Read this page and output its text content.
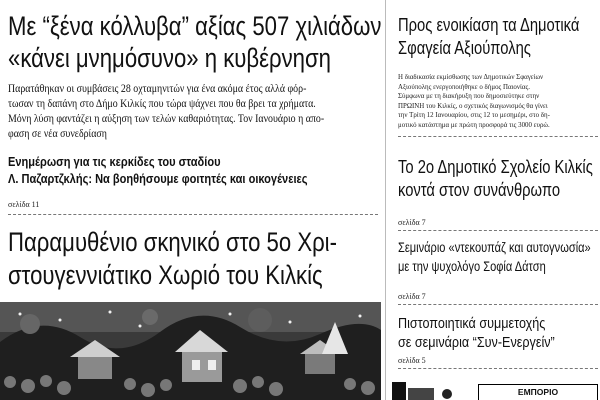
Με “ξένα κόλλυβα” αξίας 507 χιλιάδων
«κάνει μνημόσυνο» η κυβέρνηση
Παρατάθηκαν οι συμβάσεις 28 οχταμηνιτών για ένα ακόμα έτος αλλά φόρ-
τωσαν τη δαπάνη στο Δήμο Κιλκίς που τώρα ψάχνει που θα βρει τα χρήματα.
Μόνη λύση φαντάζει η αύξηση των τελών καθαριότητας. Τον Ιανουάριο η απο-
φαση σε νέα συνεδρίαση
Ενημέρωση για τις κερκίδες του σταδίου
Λ. Παζαρτζκλής: Να βοηθήσουμε φοιτητές και οικογένειες
σελίδα 11
Παραμυθένιο σκηνικό στο 5ο Χρι-
στουγεννιάτικο Χωριό του Κιλκίς
Προς ενοικίαση τα Δημοτικά
Σφαγεία Αξιούπολης
Η διαδικασία εκμίσθωσης των Δημοτικών Σφαγείων
Αξιούπολης ενεργοποιήθηκε ο δήμος Παιονίας.
Σύμφωνα με τη διακήρυξη που δημοσιεύτηκε στην
ΠΡΩΙΝΗ του Κιλκίς, ο σχετικός διαγωνισμός θα γίνει
την Τρίτη 12 Ιανουαρίου, στις 12 το μεσημέρι, στο δη-
μοτικό κατάστημα με πρώτη προσφορά τις 3000 ευρώ.
Το 2ο Δημοτικό Σχολείο Κιλκίς
κοντά στον συνάνθρωπο
σελίδα 7
Σεμινάριο «ντεκουπάζ και αυτογνωσία»
με την ψυχολόγο Σοφία Δάτση
σελίδα 7
Πιστοποιητικά συμμετοχής
σε σεμινάρια “Συν-Ενεργείν”
σελίδα 5
ΕΜΠΟΡΙΟ
